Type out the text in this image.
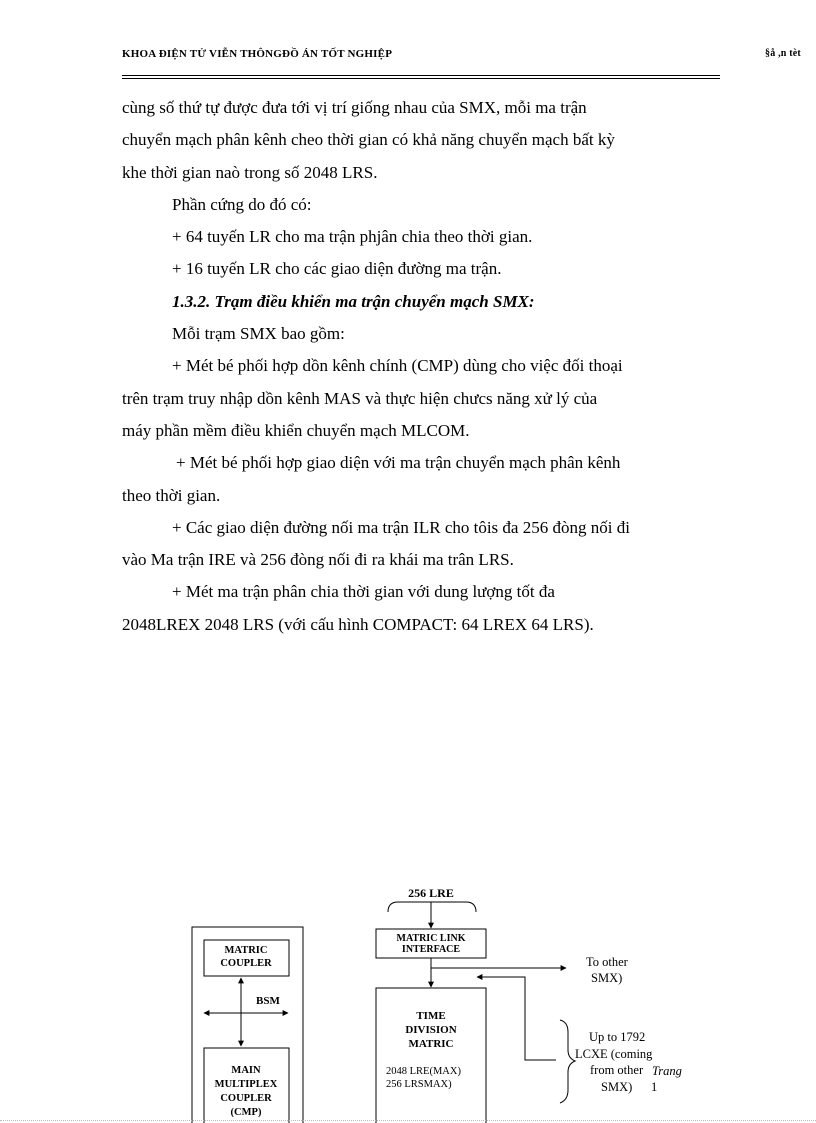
KHOA ĐIỆN TỬ VIỄN THÔNGĐỒ ÁN TỐT NGHIỆP	§å ,n tèt

cùng số thứ tự được đưa tới vị trí giống nhau của SMX, mỗi ma trận

chuyển mạch phân kênh cheo thời gian có khả năng chuyển mạch bất kỳ

khe thời gian naò trong số 2048 LRS.

Phần cứng do đó có:

+ 64 tuyến LR cho ma trận phjân chia theo thời gian.

+ 16 tuyến LR cho các giao diện đường ma trận.

1.3.2. Trạm điều khiển ma trận chuyển mạch SMX:

Mỗi trạm SMX bao gồm:

+ Mét bé phối hợp dồn kênh chính (CMP) dùng cho việc đối thoại

trên trạm truy nhập dồn kênh MAS và thực hiện chưcs năng xử lý của

máy phần mềm điều khiển chuyển mạch MLCOM.

+ Mét bé phối hợp giao diện với ma trận chuyển mạch phân kênh

theo thời gian.

+ Các giao diện đường nối ma trận ILR cho tôis đa 256 đòng nối đi

vào Ma trận IRE và 256 đòng nối đi ra khái ma trân LRS.

+ Mét ma trận phân chia thời gian với dung lượng tốt đa

2048LREX 2048 LRS (với cấu hình COMPACT: 64 LREX 64 LRS).

MATRIC
COUPLER
BSM
MAIN
MULTIPLEX
COUPLER
(CMP)
256 LRE
MATRIC LINK
INTERFACE
To other
SMX)
TIME
DIVISION
MATRIC
2048 LRE(MAX)
256 LRSMAX)
Up to 1792
LCXE (coming
from other Trang
SMX) 1
